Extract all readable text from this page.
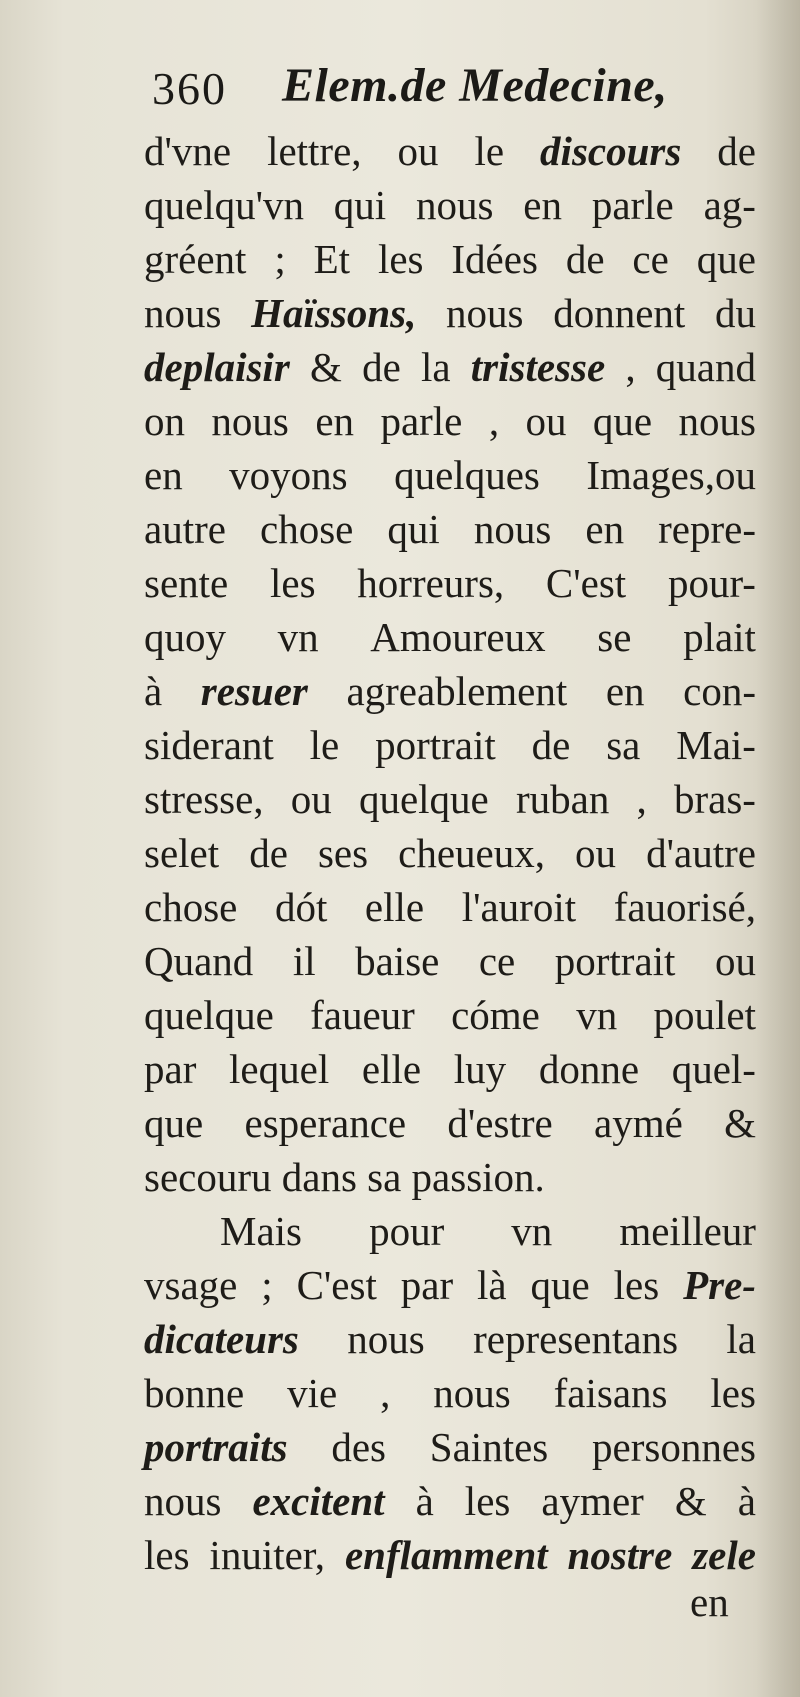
360 Elem.de Medecine,
d'vne lettre, ou le discours de
quelqu'vn qui nous en parle ag-
gréent ; Et les Idées de ce que
nous Haïssons, nous donnent du
deplaisir & de la tristesse , quand
on nous en parle , ou que nous
en voyons quelques Images,ou
autre chose qui nous en repre-
sente les horreurs, C'est pour-
quoy vn Amoureux se plait
à resuer agreablement en con-
siderant le portrait de sa Mai-
stresse, ou quelque ruban , bras-
selet de ses cheueux, ou d'autre
chose dót elle l'auroit fauorisé,
Quand il baise ce portrait ou
quelque faueur cóme vn poulet
par lequel elle luy donne quel-
que esperance d'estre aymé &
secouru dans sa passion.
Mais pour vn meilleur
vsage ; C'est par là que les Pre-
dicateurs nous representans la
bonne vie , nous faisans les
portraits des Saintes personnes
nous excitent à les aymer & à
les inuiter, enflamment nostre zele
en
